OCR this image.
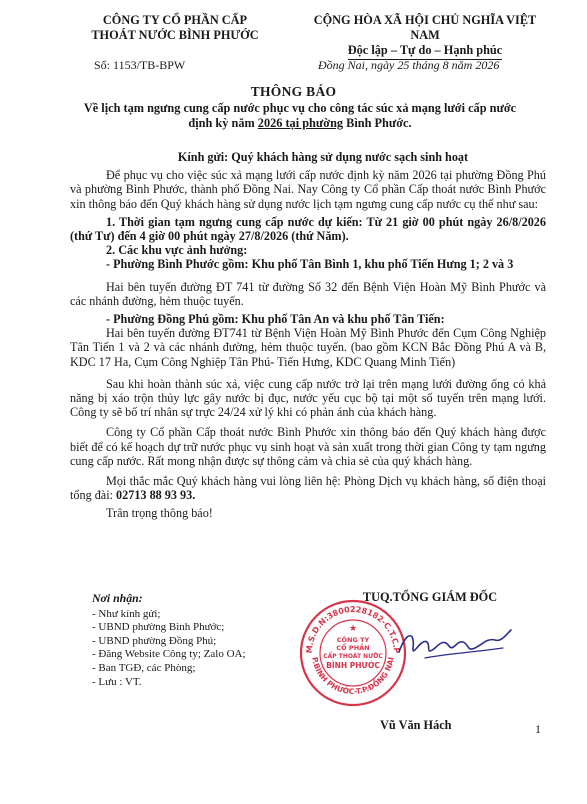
CÔNG TY CỔ PHẦN CẤP
THOÁT NƯỚC BÌNH PHƯỚC
CỘNG HÒA XÃ HỘI CHỦ NGHĨA VIỆT NAM
Độc lập – Tự do – Hạnh phúc
Số: 1153/TB-BPW	Đồng Nai, ngày 25 tháng 8 năm 2026
THÔNG BÁO
Về lịch tạm ngưng cung cấp nước phục vụ cho công tác súc xả mạng lưới cấp nước
định kỳ năm 2026 tại phường Bình Phước.

Kính gửi: Quý khách hàng sử dụng nước sạch sinh hoạt

Để phục vụ cho việc súc xả mạng lưới cấp nước định kỳ năm 2026 tại phường Đồng Phú và phường Bình Phước, thành phố Đồng Nai. Nay Công ty Cổ phần Cấp thoát nước Bình Phước xin thông báo đến Quý khách hàng sử dụng nước lịch tạm ngưng cung cấp nước cụ thể như sau:

1. Thời gian tạm ngưng cung cấp nước dự kiến: Từ 21 giờ 00 phút ngày 26/8/2026 (thứ Tư) đến 4 giờ 00 phút ngày 27/8/2026 (thứ Năm).

2. Các khu vực ảnh hưởng:

- Phường Bình Phước gồm: Khu phố Tân Bình 1, khu phố Tiến Hưng 1; 2 và 3

Hai bên tuyến đường ĐT 741 từ đường Số 32 đến Bệnh Viện Hoàn Mỹ Bình Phước và các nhánh đường, hẻm thuộc tuyến.

- Phường Đồng Phú gồm: Khu phố Tân An và khu phố Tân Tiến:

Hai bên tuyến đường ĐT741 từ Bệnh Viện Hoàn Mỹ Bình Phước đến Cụm Công Nghiệp Tân Tiến 1 và 2 và các nhánh đường, hẻm thuộc tuyến. (bao gồm KCN Bắc Đồng Phú A và B, KDC 17 Ha, Cụm Công Nghiệp Tân Phú- Tiến Hưng, KDC Quang Minh Tiến)

Sau khi hoàn thành súc xả, việc cung cấp nước trở lại trên mạng lưới đường ống có khả năng bị xáo trộn thủy lực gây nước bị đục, nước yếu cục bộ tại một số tuyến trên mạng lưới. Công ty sẽ bố trí nhân sự trực 24/24 xử lý khi có phản ánh của khách hàng.

Công ty Cổ phần Cấp thoát nước Bình Phước xin thông báo đến Quý khách hàng được biết để có kế hoạch dự trữ nước phục vụ sinh hoạt và sản xuất trong thời gian Công ty tạm ngưng cung cấp nước. Rất mong nhận được sự thông cảm và chia sẻ của quý khách hàng.

Mọi thắc mắc Quý khách hàng vui lòng liên hệ: Phòng Dịch vụ khách hàng, số điện thoại tổng đài: 02713 88 93 93.

Trân trọng thông báo!

Nơi nhận:
- Như kính gửi;
- UBND phường Bình Phước;
- UBND phường Đồng Phú;
- Đăng Website Công ty; Zalo OA;
- Ban TGĐ, các Phòng;
- Lưu : VT.
M.S.D.N:3800228182-C.T.C.P
P.BÌNH PHƯỚC-T.P.ĐỒNG NAI
CÔNG TY
CỔ PHẦN
CẤP THOÁT NƯỚC
BÌNH PHƯỚC
★
TUQ.TỔNG GIÁM ĐỐC
Vũ Văn Hách	1
